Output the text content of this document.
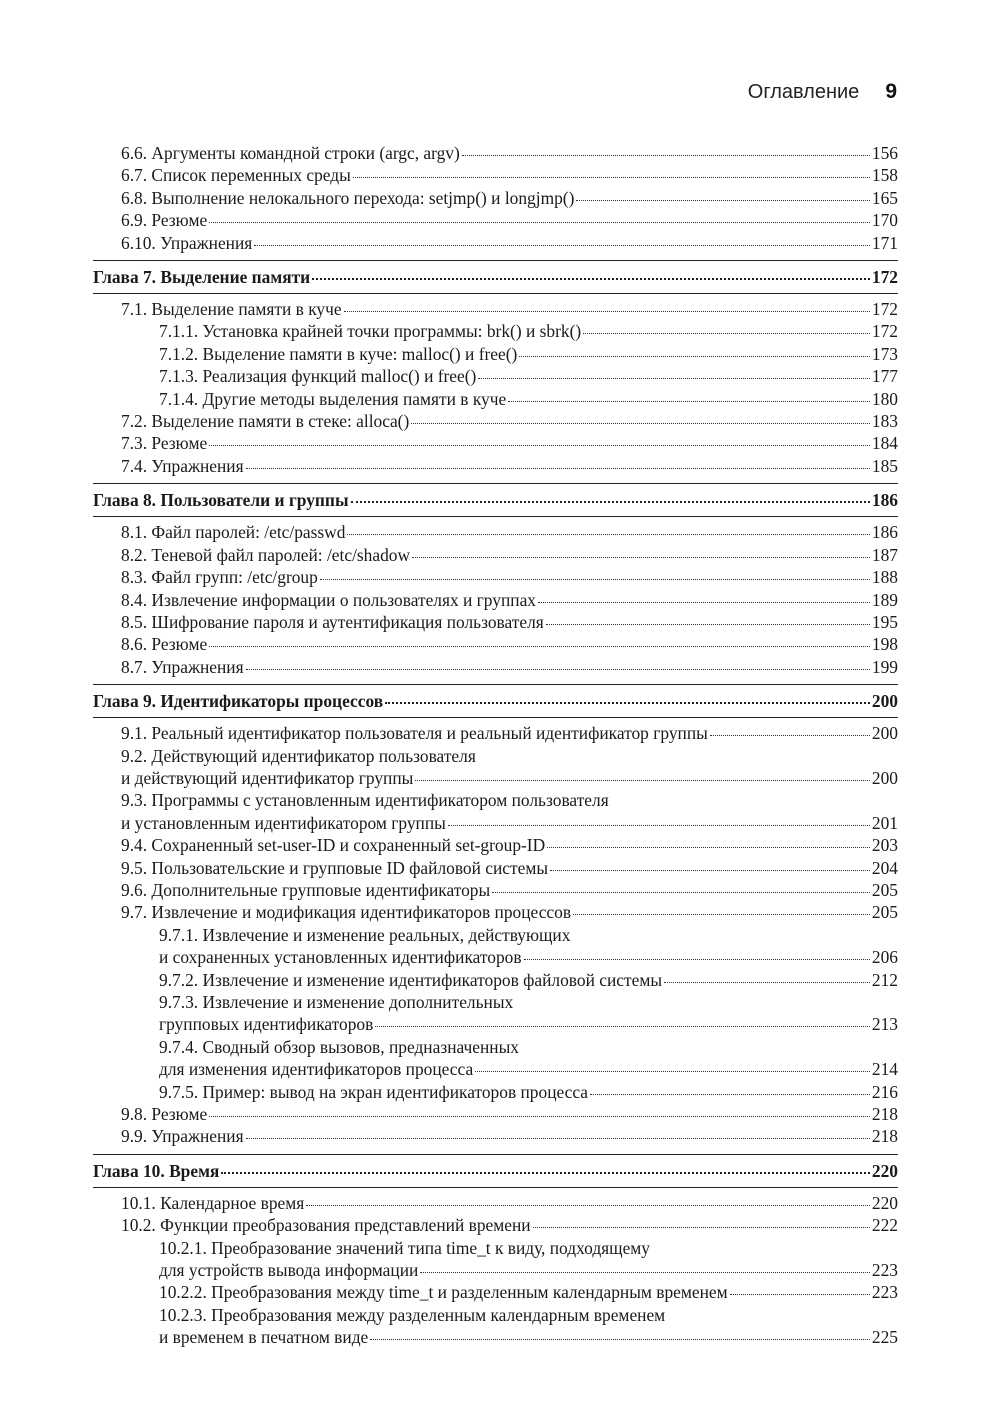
Оглавление 9
6.6. Аргументы командной строки (argc, argv)	156
6.7. Список переменных среды	158
6.8. Выполнение нелокального перехода: setjmp() и longjmp()	165
6.9. Резюме	170
6.10. Упражнения	171
Глава 7. Выделение памяти	172
7.1. Выделение памяти в куче	172
7.1.1. Установка крайней точки программы: brk() и sbrk()	172
7.1.2. Выделение памяти в куче: malloc() и free()	173
7.1.3. Реализация функций malloc() и free()	177
7.1.4. Другие методы выделения памяти в куче	180
7.2. Выделение памяти в стеке: alloca()	183
7.3. Резюме	184
7.4. Упражнения	185
Глава 8. Пользователи и группы	186
8.1. Файл паролей: /etc/passwd	186
8.2. Теневой файл паролей: /etc/shadow	187
8.3. Файл групп: /etc/group	188
8.4. Извлечение информации о пользователях и группах	189
8.5. Шифрование пароля и аутентификация пользователя	195
8.6. Резюме	198
8.7. Упражнения	199
Глава 9. Идентификаторы процессов	200
9.1. Реальный идентификатор пользователя и реальный идентификатор группы	200
9.2. Действующий идентификатор пользователя
и действующий идентификатор группы	200
9.3. Программы с установленным идентификатором пользователя
и установленным идентификатором группы	201
9.4. Сохраненный set-user-ID и сохраненный set-group-ID	203
9.5. Пользовательские и групповые ID файловой системы	204
9.6. Дополнительные групповые идентификаторы	205
9.7. Извлечение и модификация идентификаторов процессов	205
9.7.1. Извлечение и изменение реальных, действующих
и сохраненных установленных идентификаторов	206
9.7.2. Извлечение и изменение идентификаторов файловой системы	212
9.7.3. Извлечение и изменение дополнительных
групповых идентификаторов	213
9.7.4. Сводный обзор вызовов, предназначенных
для изменения идентификаторов процесса	214
9.7.5. Пример: вывод на экран идентификаторов процесса	216
9.8. Резюме	218
9.9. Упражнения	218
Глава 10. Время	220
10.1. Календарное время	220
10.2. Функции преобразования представлений времени	222
10.2.1. Преобразование значений типа time_t к виду, подходящему
для устройств вывода информации	223
10.2.2. Преобразования между time_t и разделенным календарным временем	223
10.2.3. Преобразования между разделенным календарным временем
и временем в печатном виде	225
